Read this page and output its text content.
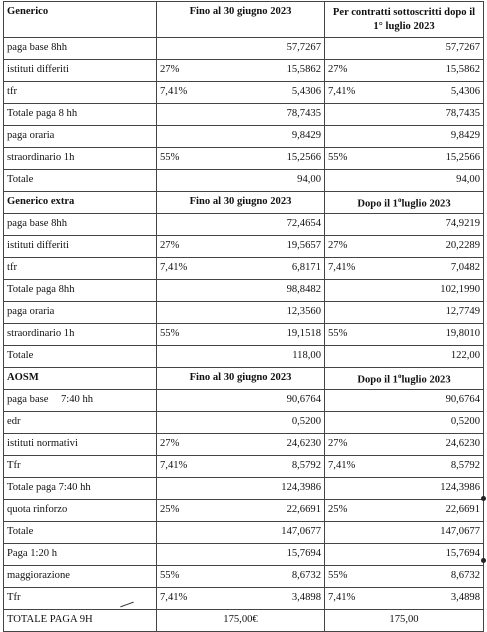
Generico	Fino al 30 giugno 2023		Per contratti sottoscritti dopo il 1° luglio 2023	
paga base 8hh		57,7267		57,7267
istituti differiti	27%	15,5862	27%	15,5862
tfr	7,41%	5,4306	7,41%	5,4306
Totale paga 8 hh		78,7435		78,7435
paga oraria		9,8429		9,8429
straordinario 1h	55%	15,2566	55%	15,2566
Totale		94,00		94,00
Generico extra	Fino al 30 giugno 2023		Dopo il 1$^o$luglio 2023	
paga base 8hh		72,4654		74,9219
istituti differiti	27%	19,5657	27%	20,2289
tfr	7,41%	6,8171	7,41%	7,0482
Totale paga 8hh		98,8482		102,1990
paga oraria		12,3560		12,7749
straordinario 1h	55%	19,1518	55%	19,8010
Totale		118,00		122,00
AOSM	Fino al 30 giugno 2023		Dopo il 1$^o$luglio 2023	
paga base 7:40 hh		90,6764		90,6764
edr		0,5200		0,5200
istituti normativi	27%	24,6230	27%	24,6230
Tfr	7,41%	8,5792	7,41%	8,5792
Totale paga 7:40 hh		124,3986		124,3986
quota rinforzo	25%	22,6691	25%	22,6691
Totale		147,0677		147,0677
Paga 1:20 h		15,7694		15,7694
maggiorazione	55%	8,6732	55%	8,6732
Tfr	7,41%	3,4898	7,41%	3,4898
TOTALE PAGA 9H	175,00€		175,00	
